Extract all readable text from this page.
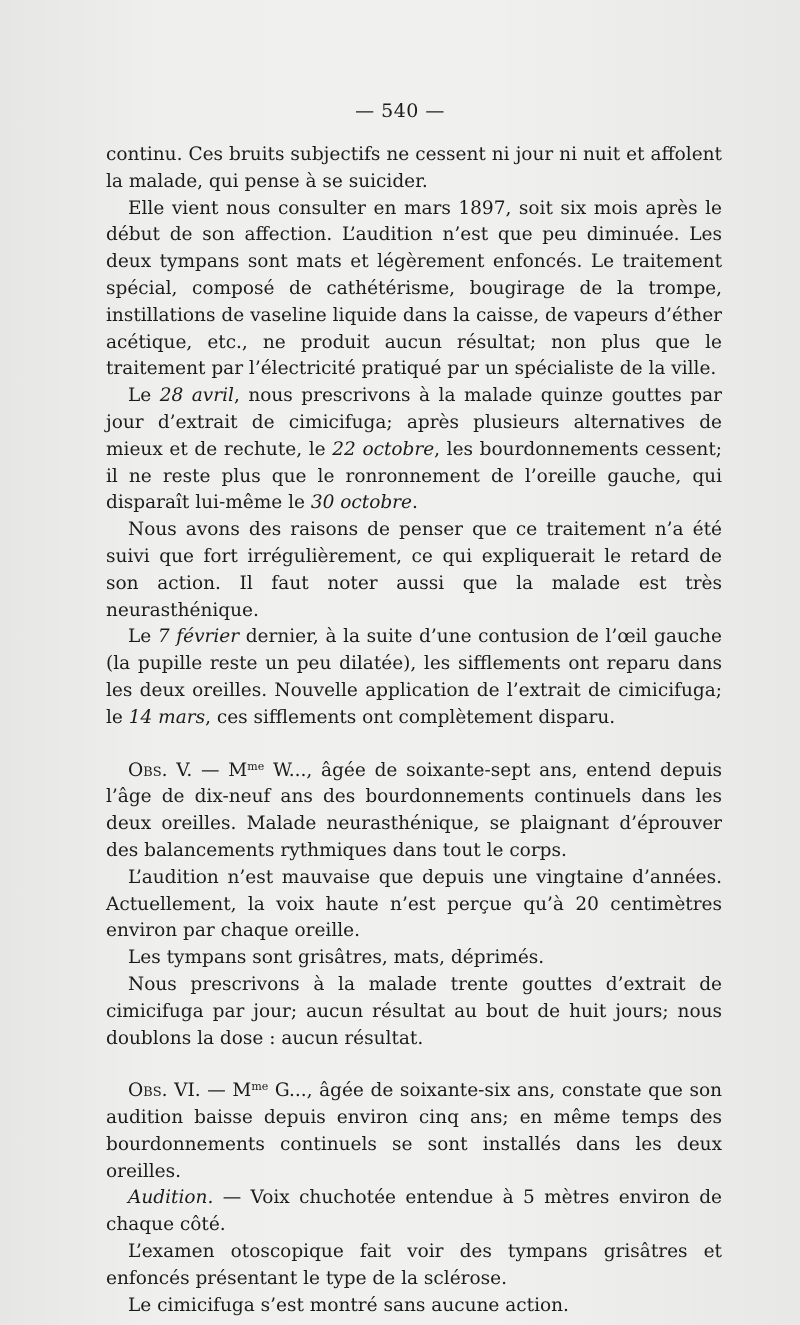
— 540 —

continu. Ces bruits subjectifs ne cessent ni jour ni nuit et affolent la malade, qui pense à se suicider.

Elle vient nous consulter en mars 1897, soit six mois après le début de son affection. L’audition n’est que peu diminuée. Les deux tympans sont mats et légèrement enfoncés. Le traitement spécial, composé de cathétérisme, bougirage de la trompe, instillations de vaseline liquide dans la caisse, de vapeurs d’éther acétique, etc., ne produit aucun résultat; non plus que le traitement par l’électricité pratiqué par un spécialiste de la ville.

Le 28 avril, nous prescrivons à la malade quinze gouttes par jour d’extrait de cimicifuga; après plusieurs alternatives de mieux et de rechute, le 22 octobre, les bourdonnements cessent; il ne reste plus que le ronronnement de l’oreille gauche, qui disparaît lui-même le 30 octobre.

Nous avons des raisons de penser que ce traitement n’a été suivi que fort irrégulièrement, ce qui expliquerait le retard de son action. Il faut noter aussi que la malade est très neurasthénique.

Le 7 février dernier, à la suite d’une contusion de l’œil gauche (la pupille reste un peu dilatée), les sifflements ont reparu dans les deux oreilles. Nouvelle application de l’extrait de cimicifuga; le 14 mars, ces sifflements ont complètement disparu.

Obs. V. — $M^{me}$ W..., âgée de soixante-sept ans, entend depuis l’âge de dix-neuf ans des bourdonnements continuels dans les deux oreilles. Malade neurasthénique, se plaignant d’éprouver des balancements rythmiques dans tout le corps.

L’audition n’est mauvaise que depuis une vingtaine d’années. Actuellement, la voix haute n’est perçue qu’à 20 centimètres environ par chaque oreille.

Les tympans sont grisâtres, mats, déprimés.

Nous prescrivons à la malade trente gouttes d’extrait de cimicifuga par jour; aucun résultat au bout de huit jours; nous doublons la dose : aucun résultat.

Obs. VI. — $M^{me}$ G..., âgée de soixante-six ans, constate que son audition baisse depuis environ cinq ans; en même temps des bourdonnements continuels se sont installés dans les deux oreilles.

Audition. — Voix chuchotée entendue à 5 mètres environ de chaque côté.

L’examen otoscopique fait voir des tympans grisâtres et enfoncés présentant le type de la sclérose.

Le cimicifuga s’est montré sans aucune action.
